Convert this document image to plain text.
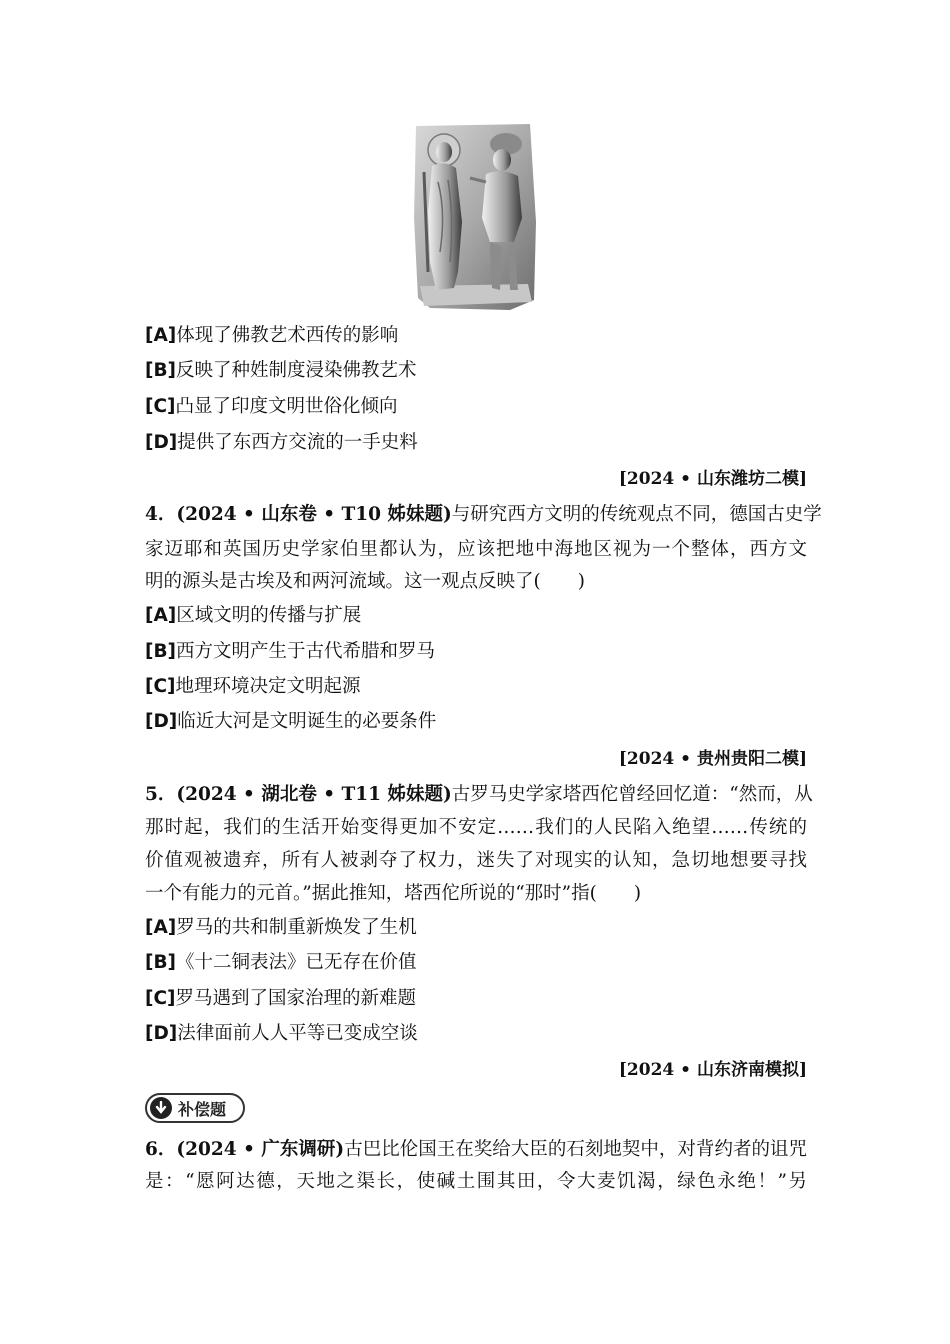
[A]体现了佛教艺术西传的影响
[B]反映了种姓制度浸染佛教艺术
[C]凸显了印度文明世俗化倾向
[D]提供了东西方交流的一手史料
[2024 • 山东潍坊二模]
4．(2024 • 山东卷 • T10 姊妹题)与研究西方文明的传统观点不同，德国古史学
家迈耶和英国历史学家伯里都认为，应该把地中海地区视为一个整体，西方文
明的源头是古埃及和两河流域。这一观点反映了(　　)
[A]区域文明的传播与扩展
[B]西方文明产生于古代希腊和罗马
[C]地理环境决定文明起源
[D]临近大河是文明诞生的必要条件
[2024 • 贵州贵阳二模]
5．(2024 • 湖北卷 • T11 姊妹题)古罗马史学家塔西佗曾经回忆道：“然而，从
那时起，我们的生活开始变得更加不安定……我们的人民陷入绝望……传统的
价值观被遗弃，所有人被剥夺了权力，迷失了对现实的认知，急切地想要寻找
一个有能力的元首。”据此推知，塔西佗所说的“那时”指(　　)
[A]罗马的共和制重新焕发了生机
[B]《十二铜表法》已无存在价值
[C]罗马遇到了国家治理的新难题
[D]法律面前人人平等已变成空谈
[2024 • 山东济南模拟]
补偿题
6．(2024 • 广东调研)古巴比伦国王在奖给大臣的石刻地契中，对背约者的诅咒
是：“愿阿达德，天地之渠长，使碱土围其田，令大麦饥渴，绿色永绝！”另
